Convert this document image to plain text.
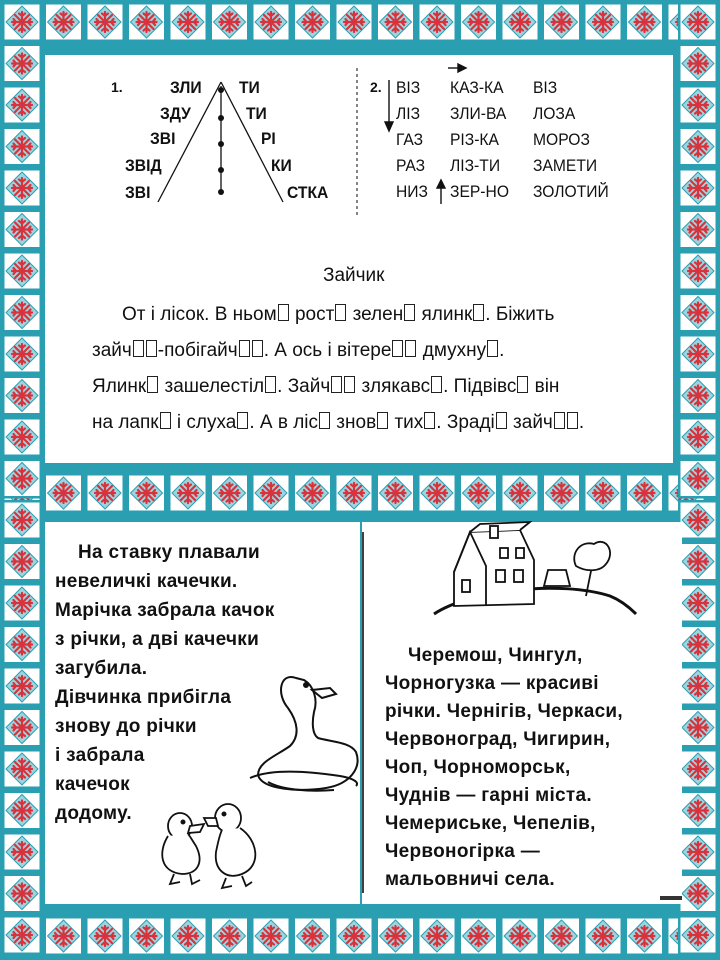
1.	ЗЛИ
ЗДУ
ЗВІ
ЗВІД
ЗВІ
ТИ
ТИ
РІ
КИ
СТКА
2. ВІЗ
ЛІЗ
ГАЗ
РАЗ
НИЗ
КАЗ-КА
ЗЛИ-ВА
РІЗ-КА
ЛІЗ-ТИ
ЗЕР-НО
ВІЗ
ЛОЗА
МОРОЗ
ЗАМЕТИ
ЗОЛОТИЙ
Зайчик
От і лісок. В ньом рост зелен ялинк . Біжить
зайч -побігайч . А ось і вітере дмухну .
Ялинк зашелестіл . Зайч злякавс . Підвівс він
на лапк і слуха . А в ліс знов тих . Зраді зайч .
На ставку плавали
невеличкі качечки.
Марічка забрала качок
з річки, а дві качечки
загубила.
Дівчинка прибігла
знову до річки
і забрала
качечок
додому.
Черемош, Чингул,
Чорногузка — красиві
річки. Чернігів, Черкаси,
Червоноград, Чигирин,
Чоп, Чорноморськ,
Чуднів — гарні міста.
Чемериське, Чепелів,
Червоногірка —
мальовничі села.
